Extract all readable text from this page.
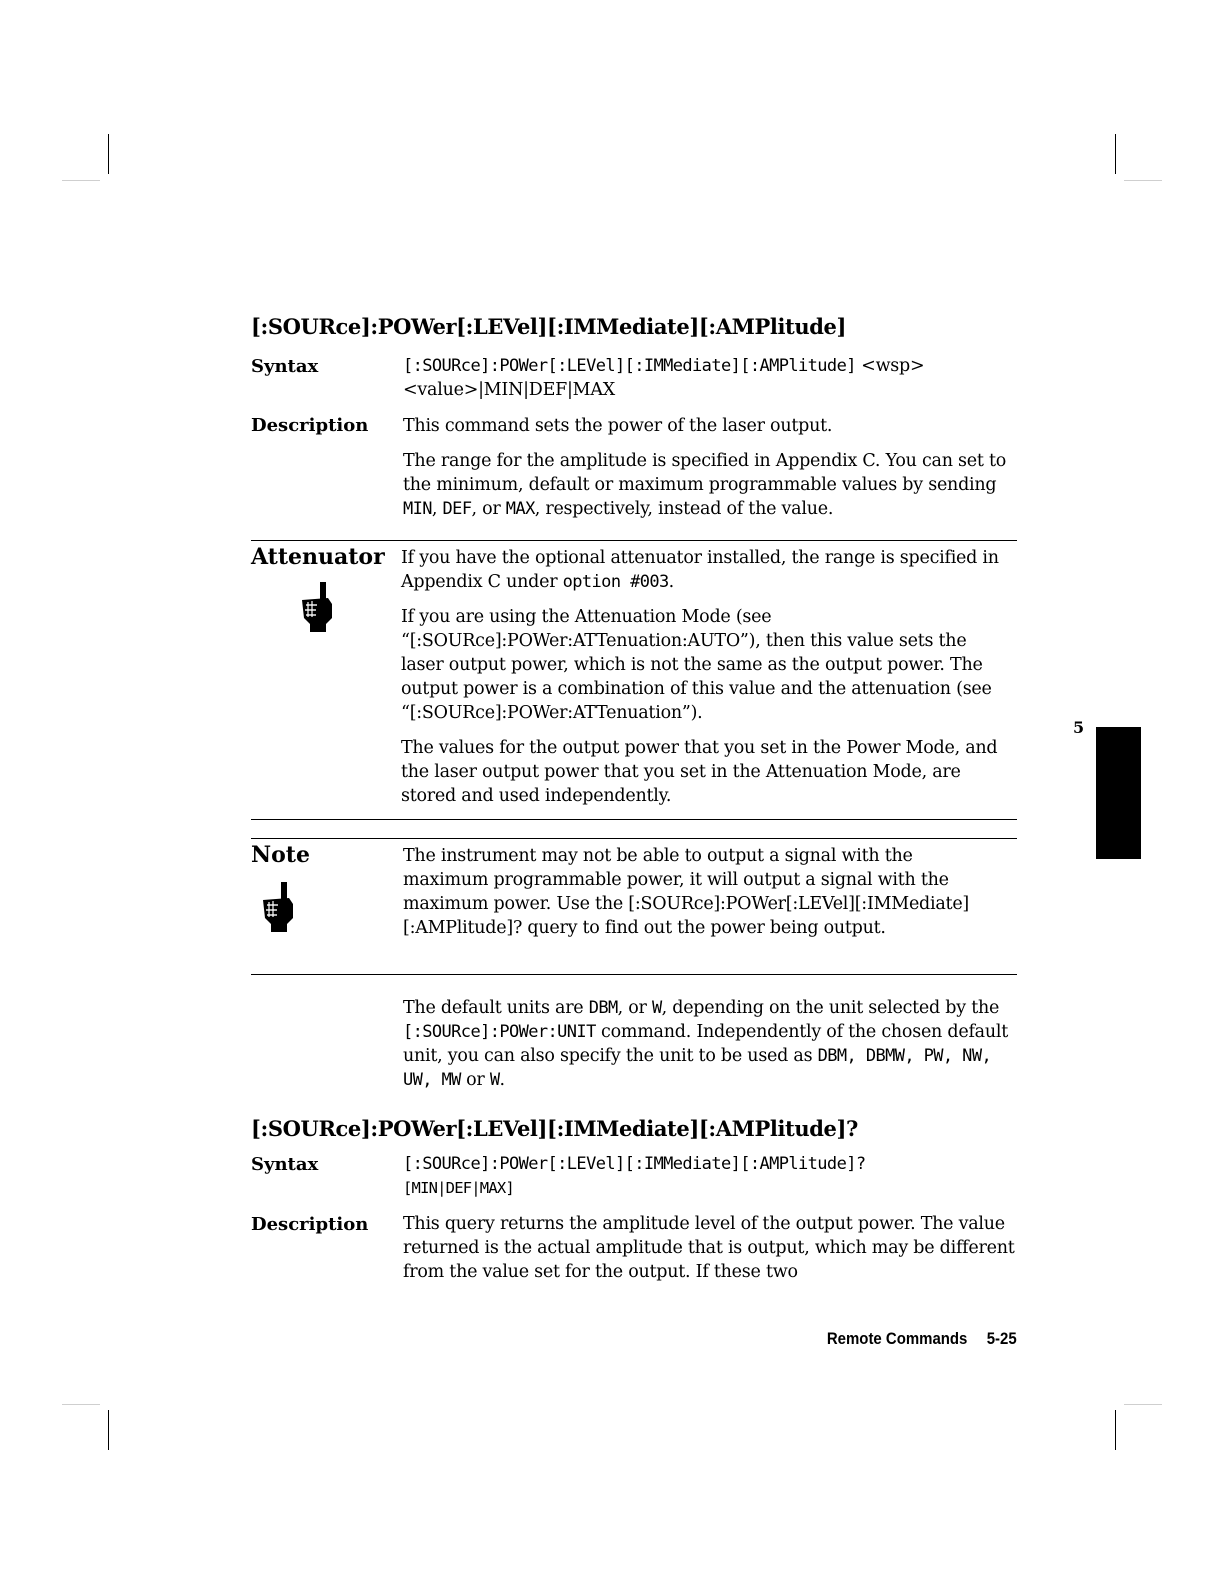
[:SOURce]:POWer[:LEVel][:IMMediate][:AMPlitude]
Syntax	[:SOURce]:POWer[:LEVel][:IMMediate][:AMPlitude] <wsp>

<value>|MIN|DEF|MAX

Description This command sets the power of the laser output.

The range for the amplitude is specified in Appendix C. You can set to the minimum, default or maximum programmable values by sending MIN, DEF, or MAX, respectively, instead of the value.

Attenuator If you have the optional attenuator installed, the range is specified in Appendix C under option #003.

If you are using the Attenuation Mode (see “[:SOURce]:POWer:ATTenuation:AUTO”), then this value sets the laser output power, which is not the same as the output power. The output power is a combination of this value and the attenuation (see “[:SOURce]:POWer:ATTenuation”).

The values for the output power that you set in the Power Mode, and the laser output power that you set in the Attenuation Mode, are stored and used independently.

Note	The instrument may not be able to output a signal with the maximum programmable power, it will output a signal with the maximum power. Use the [:SOURce]:POWer[:LEVel][:IMMediate][:AMPlitude]? query to find out the power being output.

The default units are DBM, or W, depending on the unit selected by the [:SOURce]:POWer:UNIT command. Independently of the chosen default unit, you can also specify the unit to be used as DBM, DBMW, PW, NW, UW, MW or W.

[:SOURce]:POWer[:LEVel][:IMMediate][:AMPlitude]?
Syntax	[:SOURce]:POWer[:LEVel][:IMMediate][:AMPlitude]?

[MIN|DEF|MAX]

Description This query returns the amplitude level of the output power. The value returned is the actual amplitude that is output, which may be different from the value set for the output. If these two

5
Remote Commands 5-25
